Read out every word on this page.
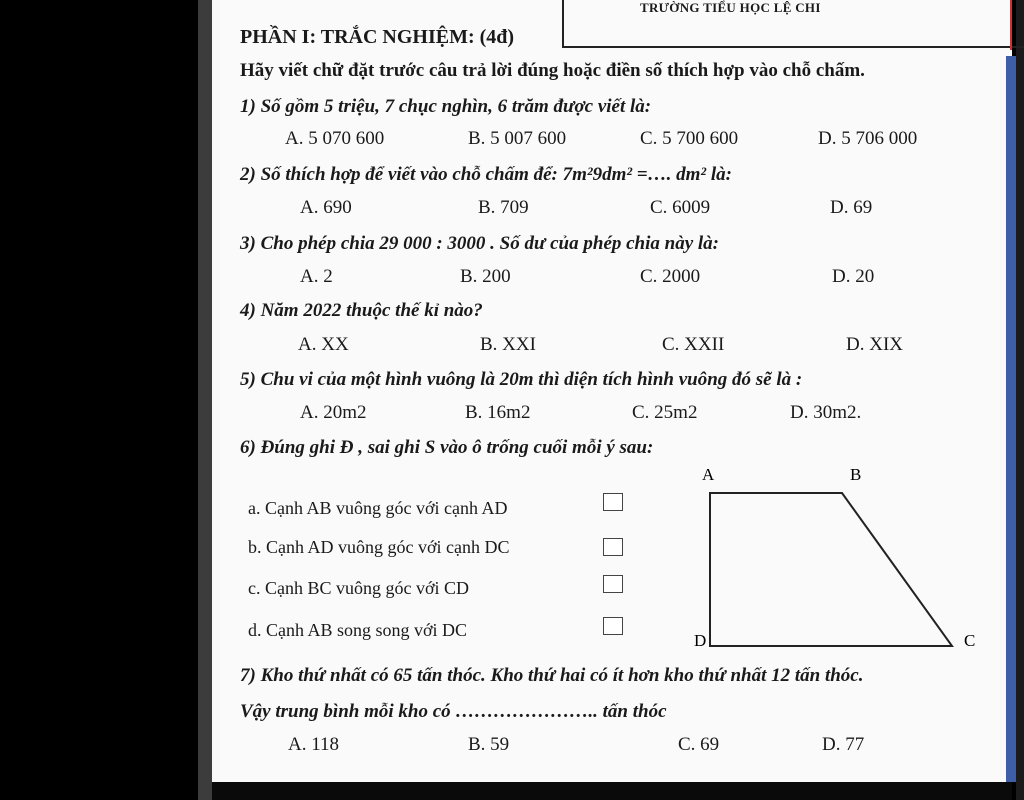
TRƯỜNG TIỂU HỌC LỆ CHI
PHẦN I: TRẮC NGHIỆM: (4đ)
Hãy viết chữ đặt trước câu trả lời đúng hoặc điền số thích hợp vào chỗ chấm.
1) Số gồm 5 triệu, 7 chục nghìn, 6 trăm được viết là:
A. 5 070 600	B. 5 007 600	C. 5 700 600	D. 5 706 000
2) Số thích hợp để viết vào chỗ chấm để: 7m²9dm² =…. dm² là:
A. 690	B. 709	C. 6009	D. 69
3) Cho phép chia 29 000 : 3000 . Số dư của phép chia này là:
A. 2	B. 200	C. 2000	D. 20
4) Năm 2022 thuộc thế kỉ nào?
A. XX	B. XXI	C. XXII	D. XIX
5) Chu vi của một hình vuông là 20m thì diện tích hình vuông đó sẽ là :
A. 20m2	B. 16m2	C. 25m2	D. 30m2.
6) Đúng ghi Đ , sai ghi S vào ô trống cuối mỗi ý sau:
a. Cạnh AB vuông góc với cạnh AD
b. Cạnh AD vuông góc với cạnh DC
c. Cạnh BC vuông góc với CD
d. Cạnh AB song song với DC
A	B
C
D
7) Kho thứ nhất có 65 tấn thóc. Kho thứ hai có ít hơn kho thứ nhất 12 tấn thóc.
Vậy trung bình mỗi kho có ………………….. tấn thóc
A. 118	B. 59	C. 69	D. 77
